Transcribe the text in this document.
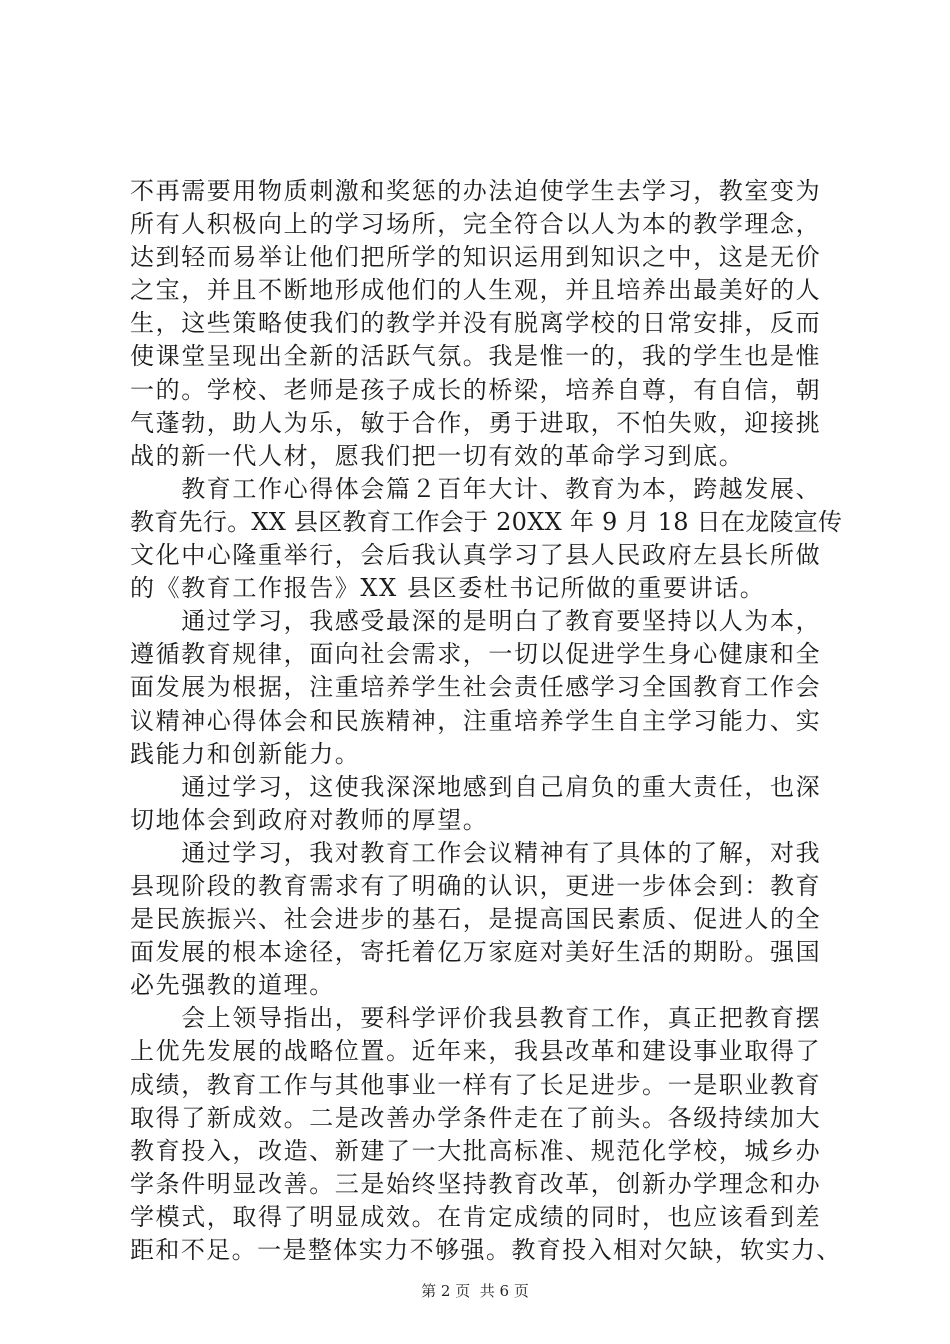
不再需要用物质刺激和奖惩的办法迫使学生去学习，教室变为
所有人积极向上的学习场所，完全符合以人为本的教学理念，
达到轻而易举让他们把所学的知识运用到知识之中，这是无价
之宝，并且不断地形成他们的人生观，并且培养出最美好的人
生，这些策略使我们的教学并没有脱离学校的日常安排，反而
使课堂呈现出全新的活跃气氛。我是惟一的，我的学生也是惟
一的。学校、老师是孩子成长的桥梁，培养自尊，有自信，朝
气蓬勃，助人为乐，敏于合作，勇于进取，不怕失败，迎接挑
战的新一代人材，愿我们把一切有效的革命学习到底。
　　教育工作心得体会篇２百年大计、教育为本，跨越发展、
教育先行。XX 县区教育工作会于 20XX 年 9 月 18 日在龙陵宣传
文化中心隆重举行，会后我认真学习了县人民政府左县长所做
的《教育工作报告》XX 县区委杜书记所做的重要讲话。
　　通过学习，我感受最深的是明白了教育要坚持以人为本，
遵循教育规律，面向社会需求，一切以促进学生身心健康和全
面发展为根据，注重培养学生社会责任感学习全国教育工作会
议精神心得体会和民族精神，注重培养学生自主学习能力、实
践能力和创新能力。
　　通过学习，这使我深深地感到自己肩负的重大责任，也深
切地体会到政府对教师的厚望。
　　通过学习，我对教育工作会议精神有了具体的了解，对我
县现阶段的教育需求有了明确的认识，更进一步体会到：教育
是民族振兴、社会进步的基石，是提高国民素质、促进人的全
面发展的根本途径，寄托着亿万家庭对美好生活的期盼。强国
必先强教的道理。
　　会上领导指出，要科学评价我县教育工作，真正把教育摆
上优先发展的战略位置。近年来，我县改革和建设事业取得了
成绩，教育工作与其他事业一样有了长足进步。一是职业教育
取得了新成效。二是改善办学条件走在了前头。各级持续加大
教育投入，改造、新建了一大批高标准、规范化学校，城乡办
学条件明显改善。三是始终坚持教育改革，创新办学理念和办
学模式，取得了明显成效。在肯定成绩的同时，也应该看到差
距和不足。一是整体实力不够强。教育投入相对欠缺，软实力、
第 2 页  共 6 页
